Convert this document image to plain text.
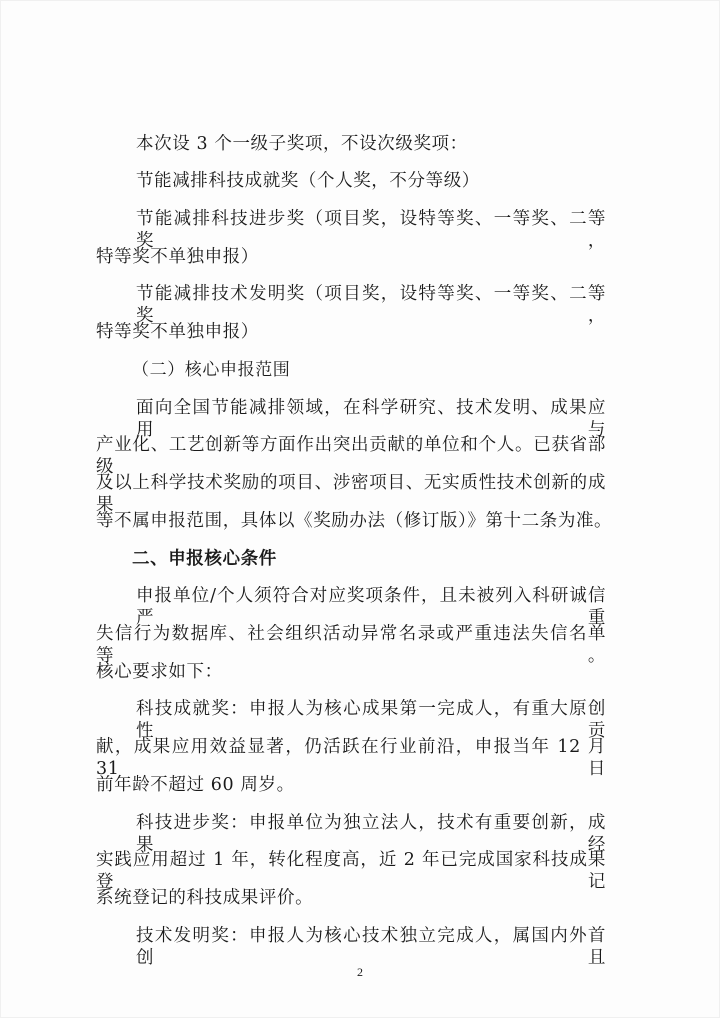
本次设 3 个一级子奖项，不设次级奖项：
节能减排科技成就奖（个人奖，不分等级）
节能减排科技进步奖（项目奖，设特等奖、一等奖、二等奖，
特等奖不单独申报）
节能减排技术发明奖（项目奖，设特等奖、一等奖、二等奖，
特等奖不单独申报）
（二）核心申报范围
面向全国节能减排领域，在科学研究、技术发明、成果应用与
产业化、工艺创新等方面作出突出贡献的单位和个人。已获省部级
及以上科学技术奖励的项目、涉密项目、无实质性技术创新的成果
等不属申报范围，具体以《奖励办法（修订版）》第十二条为准。
二、申报核心条件
申报单位/个人须符合对应奖项条件，且未被列入科研诚信严重
失信行为数据库、社会组织活动异常名录或严重违法失信名单等。
核心要求如下：
科技成就奖：申报人为核心成果第一完成人，有重大原创性贡
献，成果应用效益显著，仍活跃在行业前沿，申报当年 12 月 31 日
前年龄不超过 60 周岁。
科技进步奖：申报单位为独立法人，技术有重要创新，成果经
实践应用超过 1 年，转化程度高，近 2 年已完成国家科技成果登记
系统登记的科技成果评价。
技术发明奖：申报人为核心技术独立完成人，属国内外首创且
2
